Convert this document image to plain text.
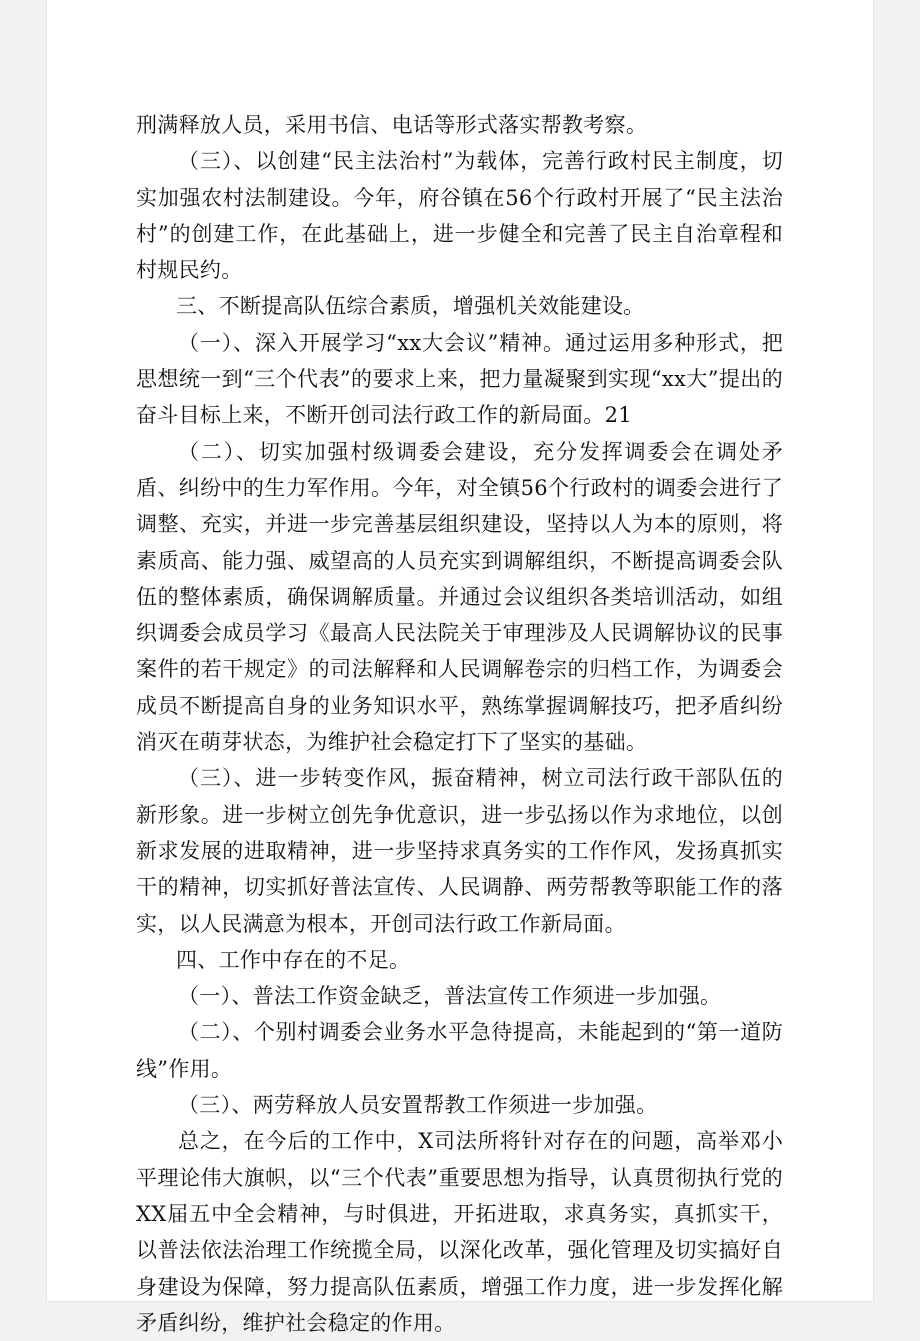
刑满释放人员，采用书信、电话等形式落实帮教考察。

（三）、以创建“民主法治村”为载体，完善行政村民主制度，切实加强农村法制建设。今年，府谷镇在56个行政村开展了“民主法治村”的创建工作，在此基础上，进一步健全和完善了民主自治章程和村规民约。

三、不断提高队伍综合素质，增强机关效能建设。

（一）、深入开展学习“xx大会议”精神。通过运用多种形式，把思想统一到“三个代表”的要求上来，把力量凝聚到实现“xx大”提出的奋斗目标上来，不断开创司法行政工作的新局面。21

（二）、切实加强村级调委会建设，充分发挥调委会在调处矛盾、纠纷中的生力军作用。今年，对全镇56个行政村的调委会进行了调整、充实，并进一步完善基层组织建设，坚持以人为本的原则，将素质高、能力强、威望高的人员充实到调解组织，不断提高调委会队伍的整体素质，确保调解质量。并通过会议组织各类培训活动，如组织调委会成员学习《最高人民法院关于审理涉及人民调解协议的民事案件的若干规定》的司法解释和人民调解卷宗的归档工作，为调委会成员不断提高自身的业务知识水平，熟练掌握调解技巧，把矛盾纠纷消灭在萌芽状态，为维护社会稳定打下了坚实的基础。

（三）、进一步转变作风，振奋精神，树立司法行政干部队伍的新形象。进一步树立创先争优意识，进一步弘扬以作为求地位，以创新求发展的进取精神，进一步坚持求真务实的工作作风，发扬真抓实干的精神，切实抓好普法宣传、人民调静、两劳帮教等职能工作的落实，以人民满意为根本，开创司法行政工作新局面。

四、工作中存在的不足。

（一）、普法工作资金缺乏，普法宣传工作须进一步加强。

（二）、个别村调委会业务水平急待提高，未能起到的“第一道防线”作用。

（三）、两劳释放人员安置帮教工作须进一步加强。

总之，在今后的工作中，X司法所将针对存在的问题，高举邓小平理论伟大旗帜，以“三个代表”重要思想为指导，认真贯彻执行党的XX届五中全会精神，与时俱进，开拓进取，求真务实，真抓实干，以普法依法治理工作统揽全局，以深化改革，强化管理及切实搞好自身建设为保障，努力提高队伍素质，增强工作力度，进一步发挥化解矛盾纠纷，维护社会稳定的作用。
